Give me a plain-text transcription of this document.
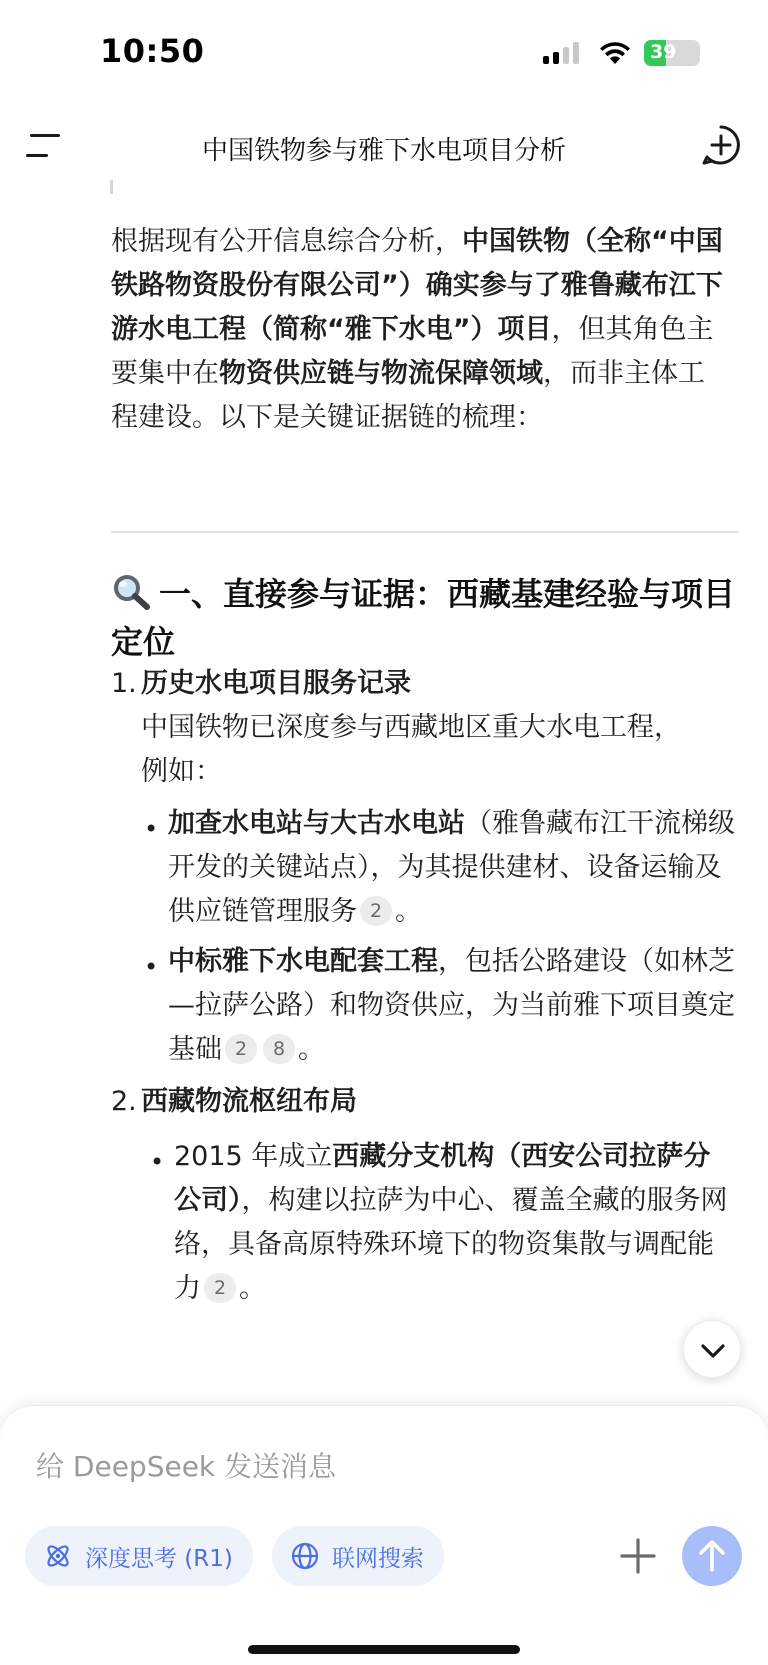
10:50	39
中国铁物参与雅下水电项目分析

根据现有公开信息综合分析，中国铁物（全称“中国铁路物资股份有限公司”）确实参与了雅鲁藏布江下游水电工程（简称“雅下水电”）项目，但其角色主要集中在物资供应链与物流保障领域，而非主体工程建设。以下是关键证据链的梳理：

一、直接参与证据：西藏基建经验与项目定位
1. 历史水电项目服务记录
中国铁物已深度参与西藏地区重大水电工程，例如：
• 加查水电站与大古水电站（雅鲁藏布江干流梯级开发的关键站点），为其提供建材、设备运输及供应链管理服务 2 。
• 中标雅下水电配套工程，包括公路建设（如林芝—拉萨公路）和物资供应，为当前雅下项目奠定基础 2 8 。
2. 西藏物流枢纽布局
• 2015 年成立西藏分支机构（西安公司拉萨分公司），构建以拉萨为中心、覆盖全藏的服务网络，具备高原特殊环境下的物资集散与调配能力 2 。
给 DeepSeek 发送消息
深度思考 (R1)	联网搜索
